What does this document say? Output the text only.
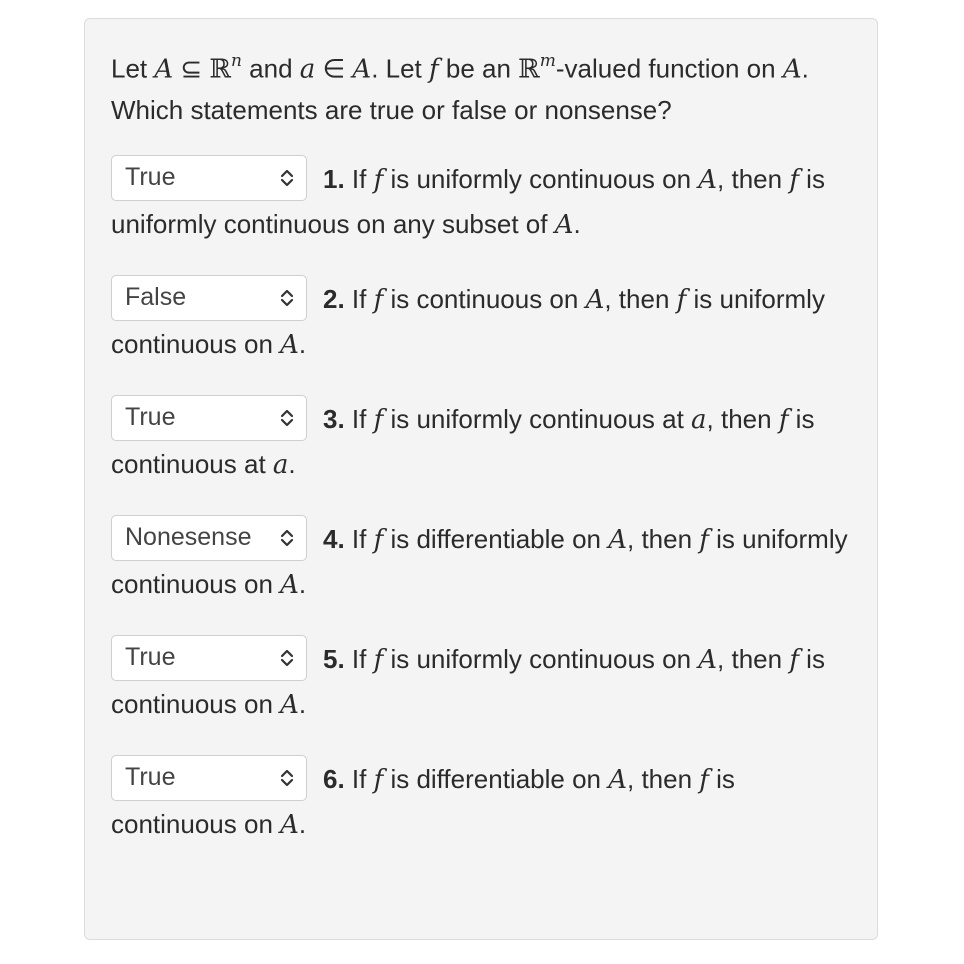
Let A ⊆ ℝ$^n$ and a ∈ A. Let f be an ℝ$^m$-valued function on A. Which statements are true or false or nonsense?

True	1. If f is uniformly continuous on A, then f is uniformly continuous on any subset of A.

False	2. If f is continuous on A, then f is uniformly continuous on A.

True	3. If f is uniformly continuous at a, then f is continuous at a.

Nonesense	4. If f is differentiable on A, then f is uniformly continuous on A.

True	5. If f is uniformly continuous on A, then f is continuous on A.

True	6. If f is differentiable on A, then f is continuous on A.
